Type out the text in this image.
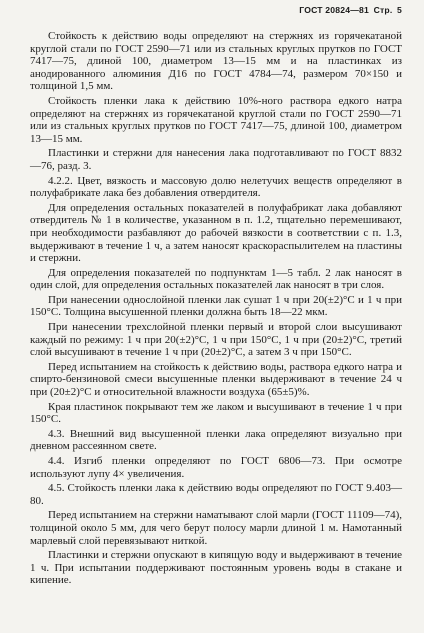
ГОСТ 20824—81 Стр. 5

Стойкость к действию воды определяют на стержнях из горячекатаной круглой стали по ГОСТ 2590—71 или из стальных круглых прутков по ГОСТ 7417—75, длиной 100, диаметром 13—15 мм и на пластинках из анодированного алюминия Д16 по ГОСТ 4784—74, размером 70×150 и толщиной 1,5 мм.

Стойкость пленки лака к действию 10%-ного раствора едкого натра определяют на стержнях из горячекатаной круглой стали по ГОСТ 2590—71 или из стальных круглых прутков по ГОСТ 7417—75, длиной 100, диаметром 13—15 мм.

Пластинки и стержни для нанесения лака подготавливают по ГОСТ 8832—76, разд. 3.

4.2.2. Цвет, вязкость и массовую долю нелетучих веществ определяют в полуфабрикате лака без добавления отвердителя.

Для определения остальных показателей в полуфабрикат лака добавляют отвердитель № 1 в количестве, указанном в п. 1.2, тщательно перемешивают, при необходимости разбавляют до рабочей вязкости в соответствии с п. 1.3, выдерживают в течение 1 ч, а затем наносят краскораспылителем на пластины и стержни.

Для определения показателей по подпунктам 1—5 табл. 2 лак наносят в один слой, для определения остальных показателей лак наносят в три слоя.

При нанесении однослойной пленки лак сушат 1 ч при 20(±2)°С и 1 ч при 150°С. Толщина высушенной пленки должна быть 18—22 мкм.

При нанесении трехслойной пленки первый и второй слои высушивают каждый по режиму: 1 ч при 20(±2)°С, 1 ч при 150°С, 1 ч при (20±2)°С, третий слой высушивают в течение 1 ч при (20±2)°С, а затем 3 ч при 150°С.

Перед испытанием на стойкость к действию воды, раствора едкого натра и спирто-бензиновой смеси высушенные пленки выдерживают в течение 24 ч при (20±2)°С и относительной влажности воздуха (65±5)%.

Края пластинок покрывают тем же лаком и высушивают в течение 1 ч при 150°С.

4.3. Внешний вид высушенной пленки лака определяют визуально при дневном рассеянном свете.

4.4. Изгиб пленки определяют по ГОСТ 6806—73. При осмотре используют лупу 4× увеличения.

4.5. Стойкость пленки лака к действию воды определяют по ГОСТ 9.403—80.

Перед испытанием на стержни наматывают слой марли (ГОСТ 11109—74), толщиной около 5 мм, для чего берут полосу марли длиной 1 м. Намотанный марлевый слой перевязывают ниткой.

Пластинки и стержни опускают в кипящую воду и выдерживают в течение 1 ч. При испытании поддерживают постоянным уровень воды в стакане и кипение.
